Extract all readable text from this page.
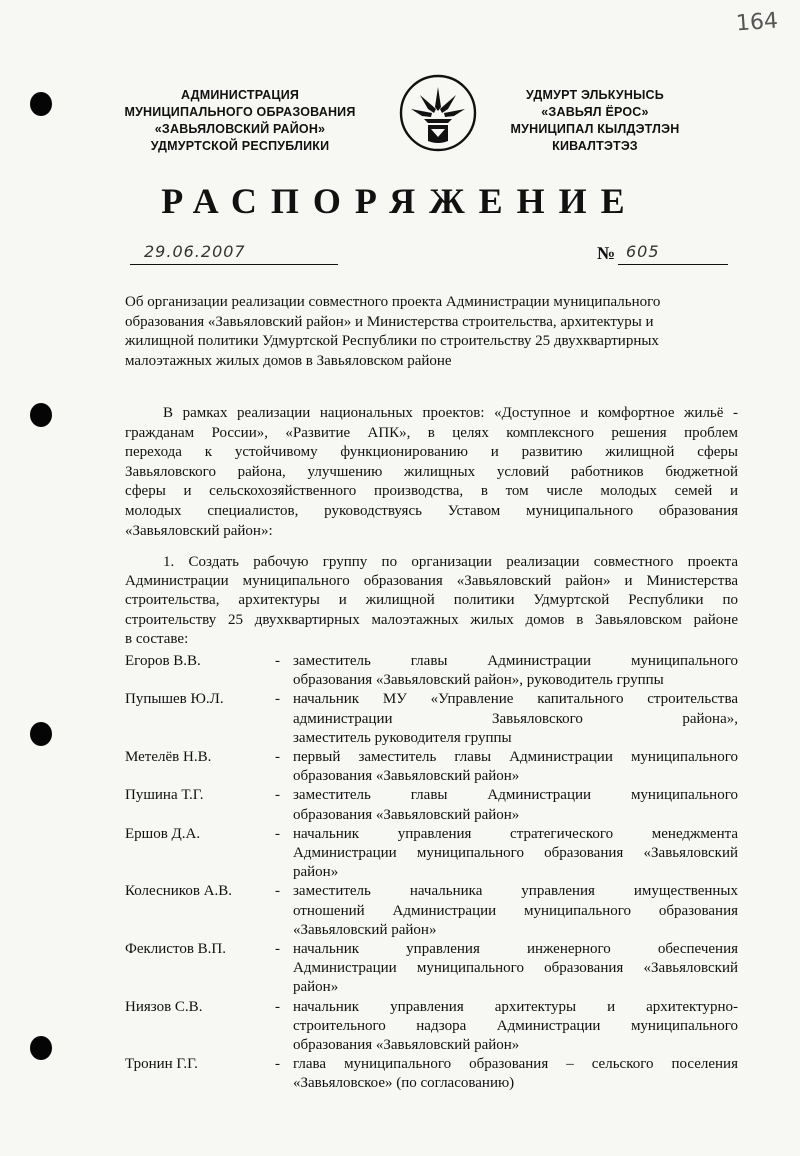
164
АДМИНИСТРАЦИЯ
МУНИЦИПАЛЬНОГО ОБРАЗОВАНИЯ
«ЗАВЬЯЛОВСКИЙ РАЙОН»
УДМУРТСКОЙ РЕСПУБЛИКИ
УДМУРТ ЭЛЬКУНЫСЬ
«ЗАВЬЯЛ ЁРОС»
МУНИЦИПАЛ КЫЛДЭТЛЭН
КИВАЛТЭТЭЗ
РАСПОРЯЖЕНИЕ
29.06.2007	№ 605
Об организации реализации совместного проекта Администрации муниципального
образования «Завьяловский район» и Министерства строительства, архитектуры и
жилищной политики Удмуртской Республики по строительству 25 двухквартирных
малоэтажных жилых домов в Завьяловском районе
В рамках реализации национальных проектов: «Доступное и комфортное жильё -
гражданам России», «Развитие АПК», в целях комплексного решения проблем
перехода к устойчивому функционированию и развитию жилищной сферы
Завьяловского района, улучшению жилищных условий работников бюджетной
сферы и сельскохозяйственного производства, в том числе молодых семей и
молодых специалистов, руководствуясь Уставом муниципального образования
«Завьяловский район»:
1. Создать рабочую группу по организации реализации совместного проекта
Администрации муниципального образования «Завьяловский район» и Министерства
строительства, архитектуры и жилищной политики Удмуртской Республики по
строительству 25 двухквартирных малоэтажных жилых домов в Завьяловском районе
в составе:
Егоров В.В.	- заместитель главы Администрации муниципального
образования «Завьяловский район», руководитель группы
Пупышев Ю.Л.	- начальник МУ «Управление капитального строительства
администрации Завьяловского района»,
заместитель руководителя группы
Метелёв Н.В.	- первый заместитель главы Администрации муниципального
образования «Завьяловский район»
Пушина Т.Г.	- заместитель главы Администрации муниципального
образования «Завьяловский район»
Ершов Д.А.	- начальник управления стратегического менеджмента
Администрации муниципального образования «Завьяловский
район»
Колесников А.В.	- заместитель начальника управления имущественных
отношений Администрации муниципального образования
«Завьяловский район»
Феклистов В.П.	- начальник управления инженерного обеспечения
Администрации муниципального образования «Завьяловский
район»
Ниязов С.В.	- начальник управления архитектуры и архитектурно-
строительного надзора Администрации муниципального
образования «Завьяловский район»
Тронин Г.Г.	- глава муниципального образования – сельского поселения
«Завьяловское» (по согласованию)
